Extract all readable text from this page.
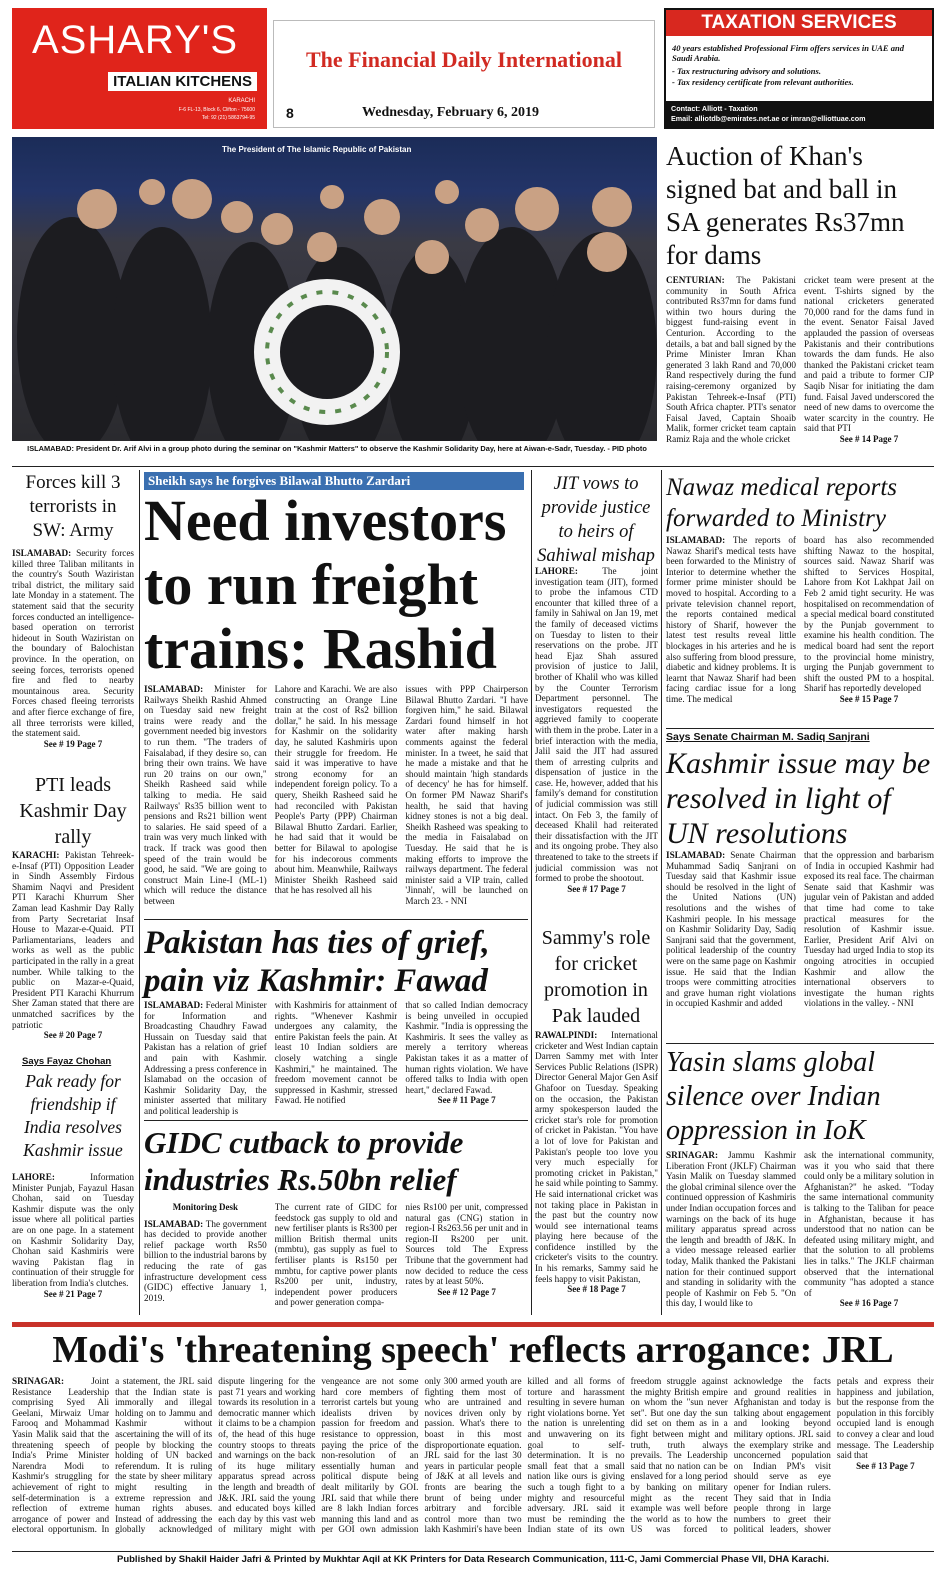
ASHARY'S
ITALIAN KITCHENS
KARACHI
F-6 FL-13, Block 6, Clifton - 75600
Tel: 92 (21) 5863794-95
The Financial Daily International
8	Wednesday, February 6, 2019
TAXATION SERVICES
40 years established Professional Firm offers services in UAE and Saudi Arabia.
- Tax restructuring advisory and solutions.
- Tax residency certificate from relevant authorities.
Contact: Alliott - Taxation
Email: alliotdb@emirates.net.ae or imran@elliottuae.com
The President of The Islamic Republic of Pakistan
ISLAMABAD: President Dr. Arif Alvi in a group photo during the seminar on "Kashmir Matters" to observe the Kashmir Solidarity Day, here at Aiwan-e-Sadr, Tuesday. - PID photo
Auction of Khan's signed bat and ball in SA generates Rs37mn for dams
CENTURIAN: The Pakistani community in South Africa contributed Rs37mn for dams fund within two hours during the biggest fund-raising event in Centurion. According to the details, a bat and ball signed by the Prime Minister Imran Khan generated 3 lakh Rand and 70,000 Rand respectively during the fund raising-ceremony organized by Pakistan Tehreek-e-Insaf (PTI) South Africa chapter. PTI's senator Faisal Javed, Captain Shoaib Malik, former cricket team captain Ramiz Raja and the whole cricket
cricket team were present at the event. T-shirts signed by the national cricketers generated 70,000 rand for the dams fund in the event. Senator Faisal Javed applauded the passion of overseas Pakistanis and their contributions towards the dam funds. He also thanked the Pakistani cricket team and paid a tribute to former CJP Saqib Nisar for initiating the dam fund. Faisal Javed underscored the need of new dams to overcome the water scarcity in the country. He said that PTI
See # 14 Page 7
Forces kill 3 terrorists in SW: Army
ISLAMABAD: Security forces killed three Taliban militants in the country's South Waziristan tribal district, the military said late Monday in a statement. The statement said that the security forces conducted an intelligence-based operation on terrorist hideout in South Waziristan on the boundary of Balochistan province. In the operation, on seeing forces, terrorists opened fire and fled to nearby mountainous area. Security Forces chased fleeing terrorists and after fierce exchange of fire, all three terrorists were killed, the statement said.
See # 19 Page 7
PTI leads Kashmir Day rally
KARACHI: Pakistan Tehreek-e-Insaf (PTI) Opposition Leader in Sindh Assembly Firdous Shamim Naqvi and President PTI Karachi Khurrum Sher Zaman lead Kashmir Day Rally from Party Secretariat Insaf House to Mazar-e-Quaid. PTI Parliamentarians, leaders and works as well as the public participated in the rally in a great number. While talking to the public on Mazar-e-Quaid, President PTI Karachi Khurrum Sher Zaman stated that there are unmatched sacrifices by the patriotic
See # 20 Page 7
Says Fayaz Chohan
Pak ready for friendship if India resolves Kashmir issue
LAHORE:	Information Minister Punjab, Fayazul Hasan Chohan, said on Tuesday Kashmir dispute was the only issue where all political parties are on one page. In a statement on Kashmir Solidarity Day, Chohan said Kashmiris were waving Pakistan flag in continuation of their struggle for liberation from India's clutches.
See # 21 Page 7
Sheikh says he forgives Bilawal Bhutto Zardari
Need investors to run freight trains: Rashid
ISLAMABAD: Minister for Railways Sheikh Rashid Ahmed on Tuesday said new freight trains were ready and the government needed big investors to run them. "The traders of Faisalabad, if they desire so, can bring their own trains. We have run 20 trains on our own," Sheikh Rasheed said while talking to media. He said Railways' Rs35 billion went to pensions and Rs21 billion went to salaries. He said speed of a train was very much linked with track. If track was good then speed of the train would be good, he said. "We are going to construct Main Line-I (ML-1) which will reduce the distance between
Lahore and Karachi. We are also constructing an Orange Line train at the cost of Rs2 billion dollar," he said. In his message for Kashmir on the solidarity day, he saluted Kashmiris upon their struggle for freedom. He said it was imperative to have strong economy for an independent foreign policy. To a query, Sheikh Rasheed said he had reconciled with Pakistan People's Party (PPP) Chairman Bilawal Bhutto Zardari. Earlier, he had said that it would be better for Bilawal to apologise for his indecorous comments about him. Meanwhile, Railways Minister Sheikh Rasheed said that he has resolved all his
issues with PPP Chairperson Bilawal Bhutto Zardari. "I have forgiven him," he said. Bilawal Zardari found himself in hot water after making harsh comments against the federal minister. In a tweet, he said that he made a mistake and that he should maintain 'high standards of decency' he has for himself. On former PM Nawaz Sharif's health, he said that having kidney stones is not a big deal. Sheikh Rasheed was speaking to the media in Faisalabad on Tuesday. He said that he is making efforts to improve the railways department. The federal minister said a VIP train, called 'Jinnah', will be launched on March 23. - NNI
Pakistan has ties of grief, pain viz Kashmir: Fawad
ISLAMABAD: Federal Minister for Information and Broadcasting Chaudhry Fawad Hussain on Tuesday said that Pakistan has a relation of grief and pain with Kashmir. Addressing a press conference in Islamabad on the occasion of Kashmir Solidarity Day, the minister asserted that military and political leadership is
with Kashmiris for attainment of rights. "Whenever Kashmir undergoes any calamity, the entire Pakistan feels the pain. At least 10 Indian soldiers are closely watching a single Kashmiri," he maintained. The freedom movement cannot be suppressed in Kashmir, stressed Fawad. He notified
that so called Indian democracy is being unveiled in occupied Kashmir. "India is oppressing the Kashmiris. It sees the valley as merely a territory whereas Pakistan takes it as a matter of human rights violation. We have offered talks to India with open heart," declared Fawad.
See # 11 Page 7
GIDC cutback to provide industries Rs.50bn relief
Monitoring Desk
ISLAMABAD: The government has decided to provide another relief package worth Rs50 billion to the industrial barons by reducing the rate of gas infrastructure development cess (GIDC) effective January 1, 2019.
The current rate of GIDC for feedstock gas supply to old and new fertiliser plants is Rs300 per million British thermal units (mmbtu), gas supply as fuel to fertiliser plants is Rs150 per mmbtu, for captive power plants Rs200 per unit, industry, independent power producers and power generation compa-
nies Rs100 per unit, compressed natural gas (CNG) station in region-I Rs263.56 per unit and in region-II Rs200 per unit. Sources told The Express Tribune that the government had now decided to reduce the cess rates by at least 50%.
See # 12 Page 7
JIT vows to provide justice to heirs of Sahiwal mishap
LAHORE:	The joint investigation team (JIT), formed to probe the infamous CTD encounter that killed three of a family in Sahiwal on Jan 19, met the family of deceased victims on Tuesday to listen to their reservations on the probe. JIT head Ejaz Shah assured provision of justice to Jalil, brother of Khalil who was killed by the Counter Terrorism Department personnel. The investigators requested the aggrieved family to cooperate with them in the probe. Later in a brief interaction with the media, Jalil said the JIT had assured them of arresting culprits and dispensation of justice in the case. He, however, added that his family's demand for constitution of judicial commission was still intact. On Feb 3, the family of deceased Khalil had reiterated their dissatisfaction with the JIT and its ongoing probe. They also threatened to take to the streets if judicial commission was not formed to probe the shootout.
See # 17 Page 7
Sammy's role for cricket promotion in Pak lauded
RAWALPINDI: International cricketer and West Indian captain Darren Sammy met with Inter Services Public Relations (ISPR) Director General Major Gen Asif Ghafoor on Tuesday. Speaking on the occasion, the Pakistan army spokesperson lauded the cricket star's role for promotion of cricket in Pakistan. "You have a lot of love for Pakistan and Pakistan's people too love you very much especially for promoting cricket in Pakistan," he said while pointing to Sammy. He said international cricket was not taking place in Pakistan in the past but the country now would see international teams playing here because of the confidence instilled by the cricketer's visits to the country. In his remarks, Sammy said he feels happy to visit Pakistan,
See # 18 Page 7
Nawaz medical reports forwarded to Ministry
ISLAMABAD: The reports of Nawaz Sharif's medical tests have been forwarded to the Ministry of Interior to determine whether the former prime minister should be moved to hospital. According to a private television channel report, the reports contained medical history of Sharif, however the latest test results reveal little blockages in his arteries and he is also suffering from blood pressure, diabetic and kidney problems. It is learnt that Nawaz Sharif had been facing cardiac issue for a long time. The medical
board has also recommended shifting Nawaz to the hospital, sources said. Nawaz Sharif was shifted to Services Hospital, Lahore from Kot Lakhpat Jail on Feb 2 amid tight security. He was hospitalised on recommendation of a special medical board constituted by the Punjab government to examine his health condition. The medical board had sent the report to the provincial home ministry, urging the Punjab government to shift the ousted PM to a hospital. Sharif has reportedly developed
See # 15 Page 7
Says Senate Chairman M. Sadiq Sanjrani
Kashmir issue may be resolved in light of UN resolutions
ISLAMABAD: Senate Chairman Muhammad Sadiq Sanjrani on Tuesday said that Kashmir issue should be resolved in the light of the United Nations (UN) resolutions and the wishes of Kashmiri people. In his message on Kashmir Solidarity Day, Sadiq Sanjrani said that the government, political leadership of the country were on the same page on Kashmir issue. He said that the Indian troops were committing atrocities and grave human right violations in occupied Kashmir and added
that the oppression and barbarism of India in occupied Kashmir had exposed its real face. The chairman Senate said that Kashmir was jugular vein of Pakistan and added that time had come to take practical measures for the resolution of Kashmir issue. Earlier, President Arif Alvi on Tuesday had urged India to stop its ongoing atrocities in occupied Kashmir and allow the international observers to investigate the human rights violations in the valley. - NNI
Yasin slams global silence over Indian oppression in IoK
SRINAGAR: Jammu Kashmir Liberation Front (JKLF) Chairman Yasin Malik on Tuesday slammed the global criminal silence over the continued oppression of Kashmiris under Indian occupation forces and warnings on the back of its huge military apparatus spread across the length and breadth of J&K. In a video message released earlier today, Malik thanked the Pakistani nation for their continued support and standing in solidarity with the people of Kashmir on Feb 5. "On this day, I would like to
ask the international community, was it you who said that there could only be a military solution in Afghanistan?" he asked. "Today the same international community is talking to the Taliban for peace in Afghanistan, because it has understood that no nation can be defeated using military might, and that the solution to all problems lies in talks." The JKLF chairman observed that the international community "has adopted a stance of
See # 16 Page 7
Modi's 'threatening speech' reflects arrogance: JRL
SRINAGAR:	Joint Resistance Leadership comprising Syed Ali Geelani, Mirwaiz Umar Farooq and Mohammad Yasin Malik said that the threatening speech of India's Prime Minister Narendra Modi to Kashmir's struggling for achievement of right to self-determination is a reflection of extreme arrogance of power and electoral opportunism. In a statement, the JRL said that the Indian state is immorally and illegal holding on to Jammu and Kashmir without ascertaining the will of its people by blocking the holding of UN backed referendum. It is ruling the state by sheer military might resulting in extreme repression and human rights abuses. Instead of addressing the globally acknowledged dispute lingering for the past 71 years and working towards its resolution in a democratic manner which it claims to be a champion of, the head of this huge country stoops to threats and warnings on the back of its huge military apparatus spread across the length and breadth of J&K. JRL said the young and educated boys killed each day by this vast web of military might with vengeance are not some hard core members of terrorist cartels but young idealists driven by passion for freedom and resistance to oppression, paying the price of the non-resolution of an essentially human and political dispute being dealt militarily by GOI. JRL said that while there are 8 lakh Indian forces manning this land and as per GOI own admission only 300 armed youth are fighting them most of who are untrained and novices driven only by passion. What's there to boast in this most disproportionate equation. JRL said for the last 30 years in particular people of J&K at all levels and fronts are bearing the brunt of being under arbitrary and forcible control more than two lakh Kashmiri's have been killed and all forms of torture and harassment resulting in severe human right violations borne. Yet the nation is unrelenting and unwavering on its goal to self-determination. It is no small feat that a small nation like ours is giving such a tough fight to a mighty and resourceful adversary. JRL said it must be reminding the Indian state of its own freedom struggle against the mighty British empire on whom the "sun never set". But one day the sun did set on them as in a fight between might and truth, truth always prevails. The Leadership said that no nation can be enslaved for a long period by banking on military might as the recent example was well before the world as to how the US was forced to acknowledge the facts and ground realities in Afghanistan and today is talking about engagement and looking beyond military options. JRL said the exemplary strike and unconcerned population on Indian PM's visit should serve as eye opener for Indian rulers. They said that in India people throng in large numbers to greet their political leaders, shower petals and express their happiness and jubilation, but the response from the population in this forcibly occupied land is enough to convey a clear and loud message. The Leadership said that
See # 13 Page 7
Published by Shakil Haider Jafri & Printed by Mukhtar Aqil at KK Printers for Data Research Communication, 111-C, Jami Commercial Phase VII, DHA Karachi.
